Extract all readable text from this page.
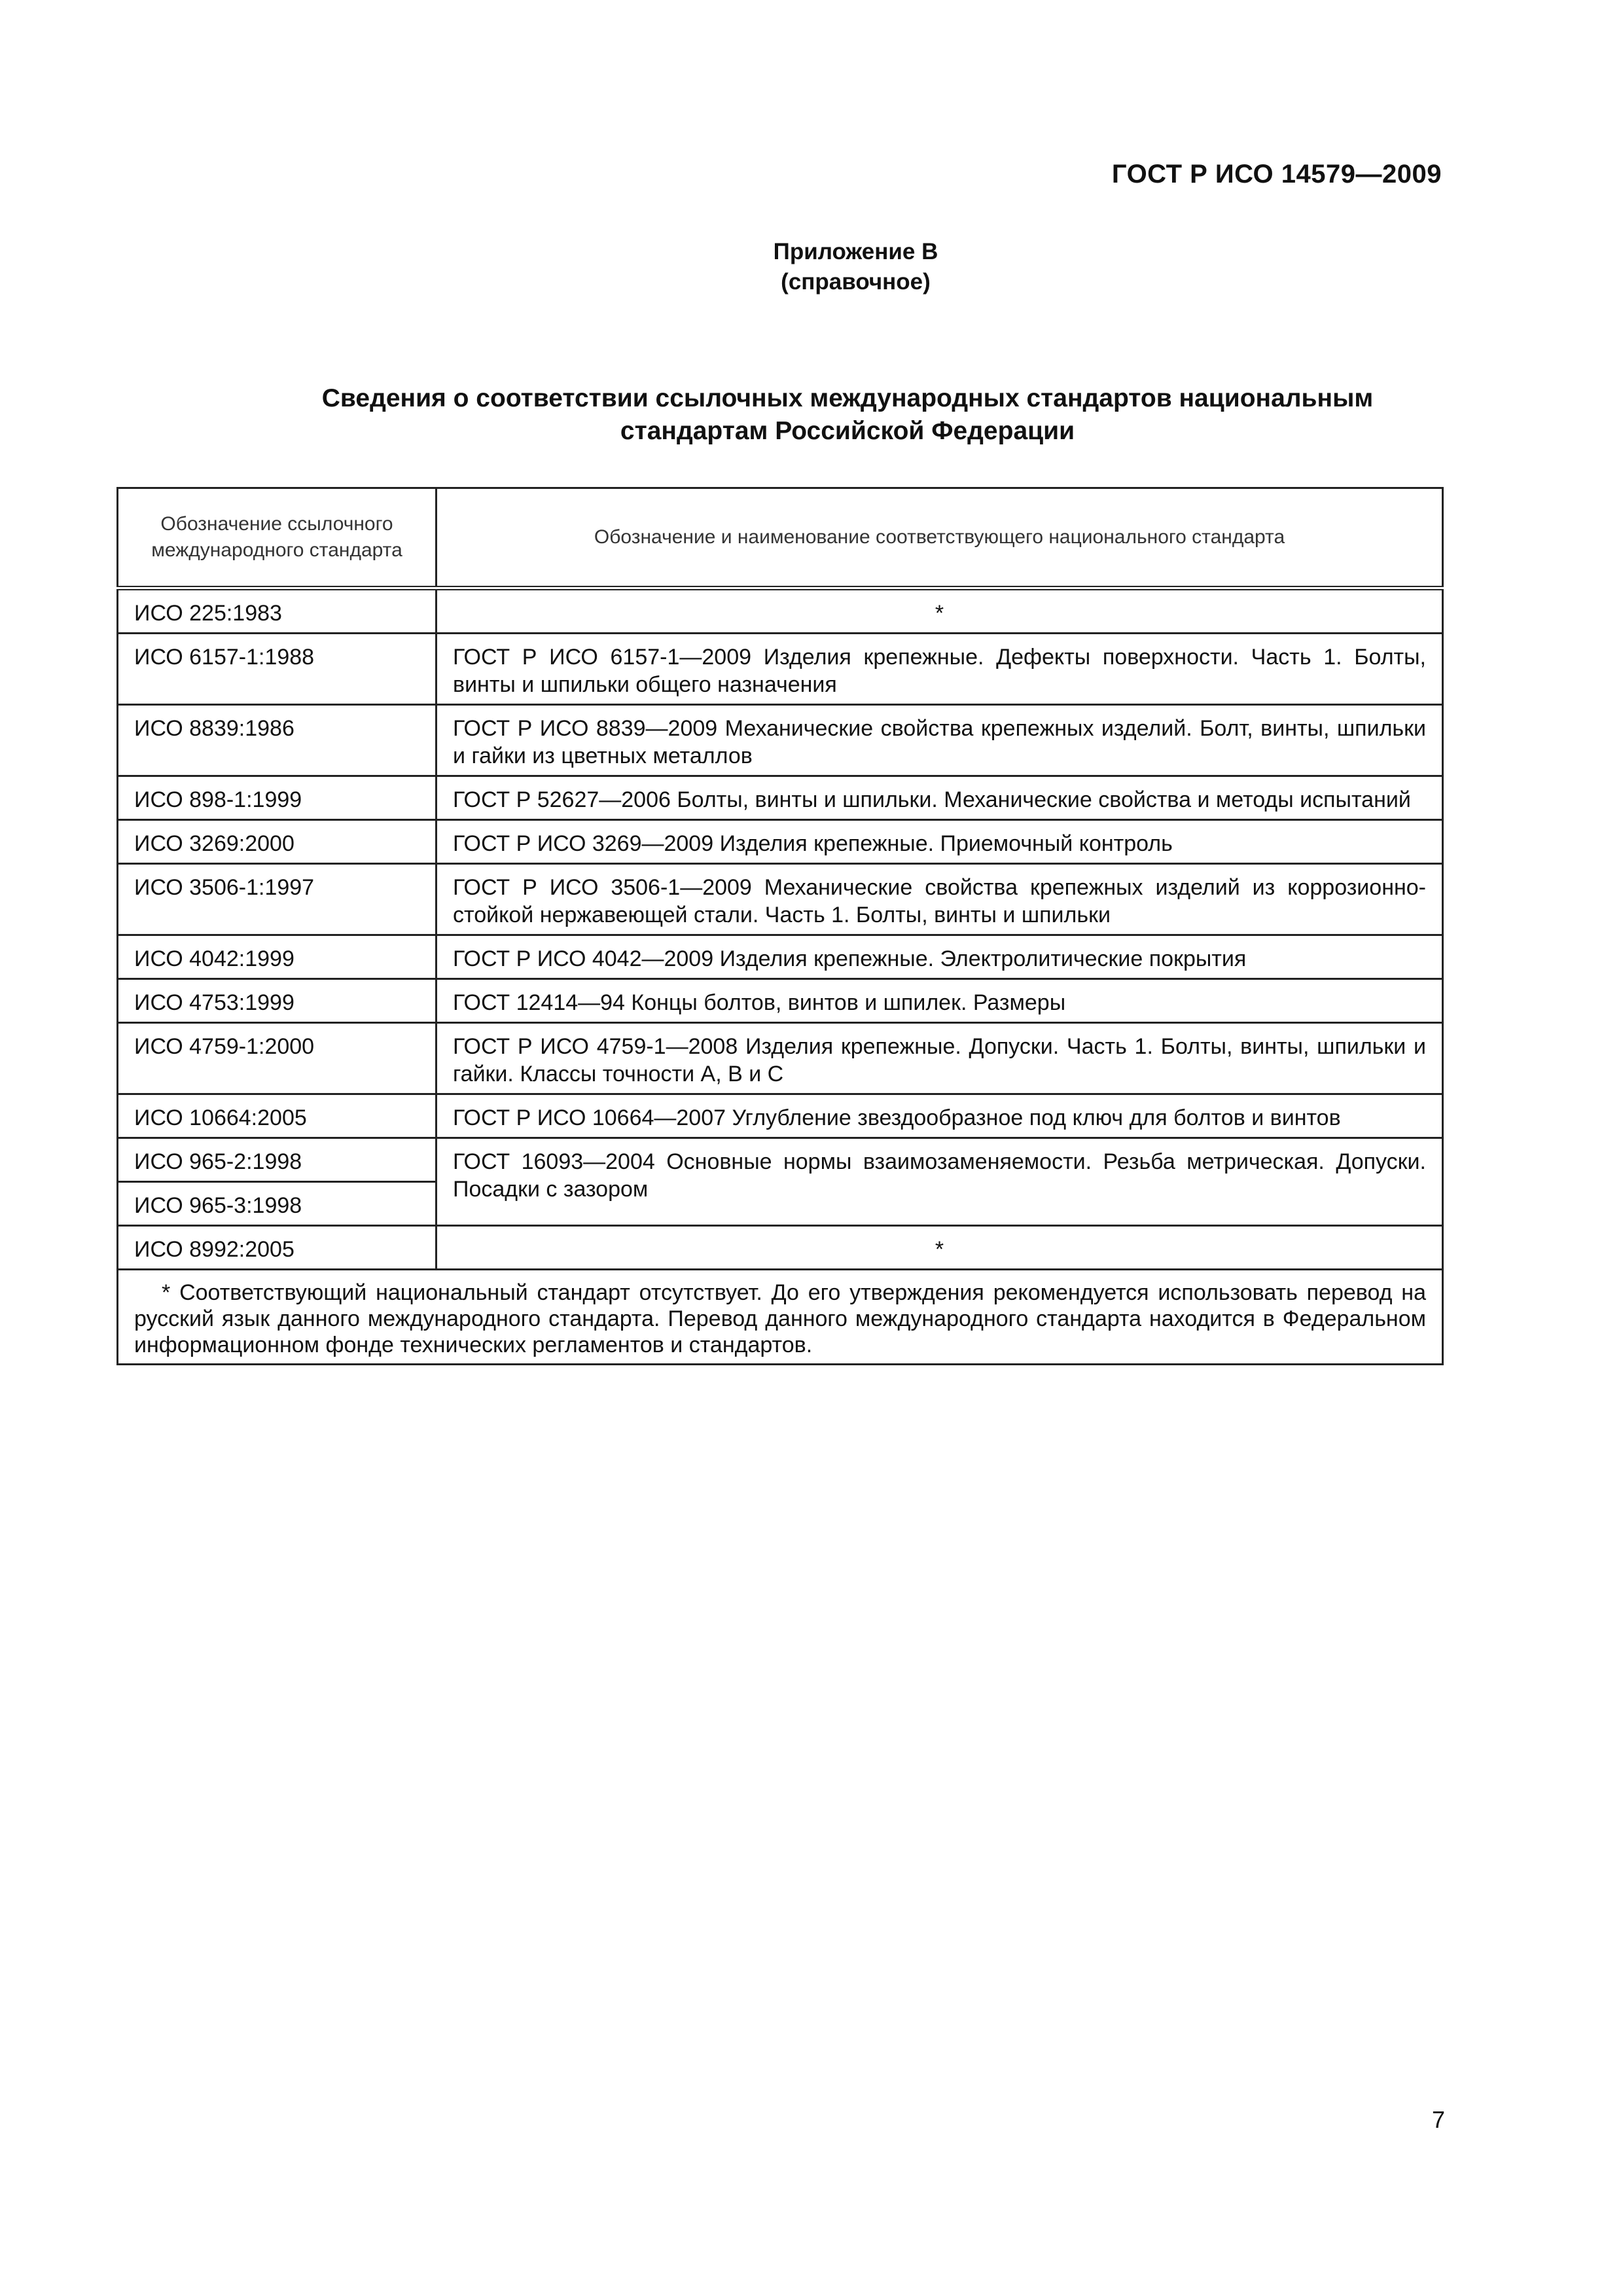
ГОСТ Р ИСО 14579—2009
Приложение В
(справочное)
Сведения о соответствии ссылочных международных стандартов национальным
стандартам Российской Федерации
Обозначение ссылочного международного стандарта	Обозначение и наименование соответствующего национального стандарта
ИСО 225:1983	*
ИСО 6157-1:1988	ГОСТ Р ИСО 6157-1—2009 Изделия крепежные. Дефекты поверхности. Часть 1. Болты, винты и шпильки общего назначения
ИСО 8839:1986	ГОСТ Р ИСО 8839—2009 Механические свойства крепежных изделий. Болт, винты, шпильки и гайки из цветных металлов
ИСО 898-1:1999	ГОСТ Р 52627—2006 Болты, винты и шпильки. Механические свойства и методы испытаний
ИСО 3269:2000	ГОСТ Р ИСО 3269—2009 Изделия крепежные. Приемочный контроль
ИСО 3506-1:1997	ГОСТ Р ИСО 3506-1—2009 Механические свойства крепежных изделий из коррозионно-стойкой нержавеющей стали. Часть 1. Болты, винты и шпильки
ИСО 4042:1999	ГОСТ Р ИСО 4042—2009 Изделия крепежные. Электролитические покрытия
ИСО 4753:1999	ГОСТ 12414—94 Концы болтов, винтов и шпилек. Размеры
ИСО 4759-1:2000	ГОСТ Р ИСО 4759-1—2008 Изделия крепежные. Допуски. Часть 1. Болты, винты, шпильки и гайки. Классы точности А, В и С
ИСО 10664:2005	ГОСТ Р ИСО 10664—2007 Углубление звездообразное под ключ для болтов и винтов
ИСО 965-2:1998	ГОСТ 16093—2004 Основные нормы взаимозаменяемости. Резьба метрическая. Допуски. Посадки с зазором
ИСО 965-3:1998	
ИСО 8992:2005	*
* Соответствующий национальный стандарт отсутствует. До его утверждения рекомендуется использовать перевод на русский язык данного международного стандарта. Перевод данного международного стандарта находится в Федеральном информационном фонде технических регламентов и стандартов.	
7
